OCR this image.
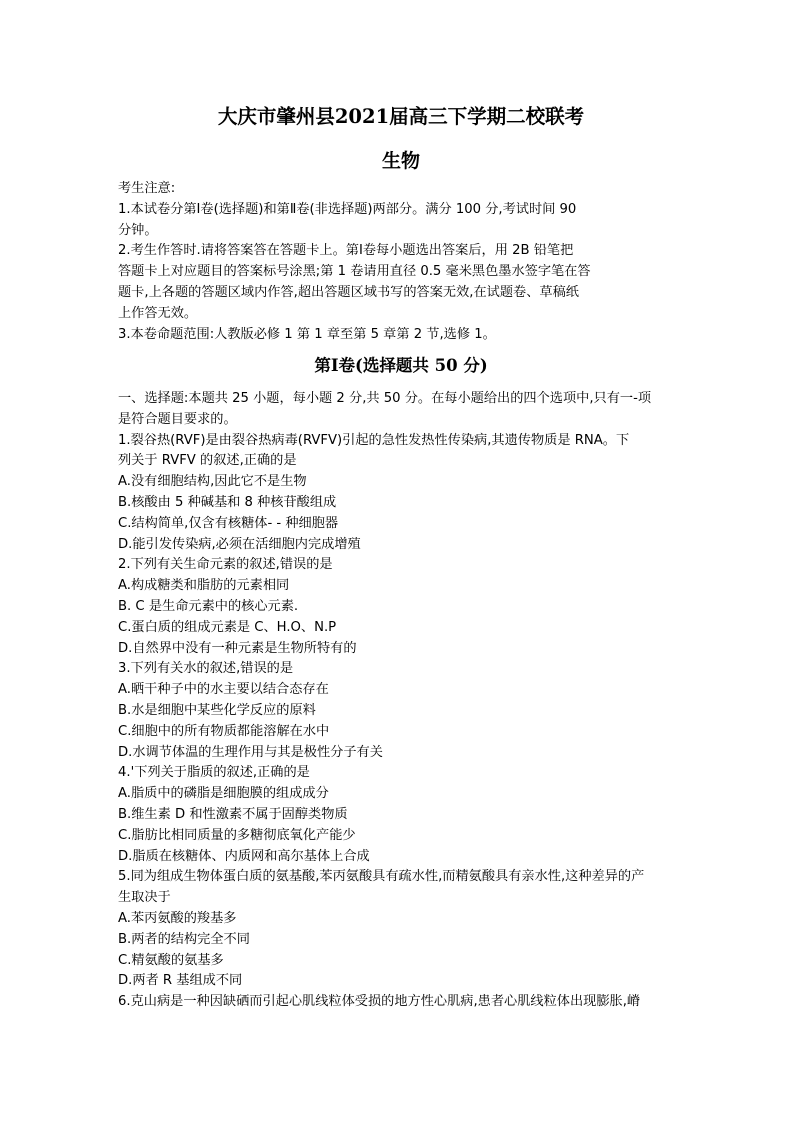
大庆市肇州县2021届高三下学期二校联考
生物
考生注意:
1.本试卷分第Ⅰ卷(选择题)和第Ⅱ卷(非选择题)两部分。满分 100 分,考试时间 90
分钟。
2.考生作答时.请将答案答在答题卡上。第Ⅰ卷每小题选出答案后，用 2B 铅笔把
答题卡上对应题目的答案标号涂黑;第 1 卷请用直径 0.5 毫米黑色墨水签字笔在答
题卡,上各题的答题区域内作答,超出答题区域书写的答案无效,在试题卷、草稿纸
上作答无效。
3.本卷命题范围:人教版必修 1 第 1 章至第 5 章第 2 节,选修 1。
第Ⅰ卷(选择题共 50 分)
一、选择题:本题共 25 小题，每小题 2 分,共 50 分。在每小题给出的四个选项中,只有一-项
是符合题目要求的。
1.裂谷热(RVF)是由裂谷热病毒(RVFV)引起的急性发热性传染病,其遗传物质是 RNA。下
列关于 RVFV 的叙述,正确的是
A.没有细胞结构,因此它不是生物
B.核酸由 5 种碱基和 8 种核苷酸组成
C.结构简单,仅含有核糖体- - 种细胞器
D.能引发传染病,必须在活细胞内完成增殖
2.下列有关生命元素的叙述,错误的是
A.构成糖类和脂肪的元素相同
B. C 是生命元素中的核心元素.
C.蛋白质的组成元素是 C、H.O、N.P
D.自然界中没有一种元素是生物所特有的
3.下列有关水的叙述,错误的是
A.晒干种子中的水主要以结合态存在
B.水是细胞中某些化学反应的原料
C.细胞中的所有物质都能溶解在水中
D.水调节体温的生理作用与其是极性分子有关
4.'下列关于脂质的叙述,正确的是
A.脂质中的磷脂是细胞膜的组成成分
B.维生素 D 和性激素不属于固醇类物质
C.脂肪比相同质量的多糖彻底氧化产能少
D.脂质在核糖体、内质网和高尔基体上合成
5.同为组成生物体蛋白质的氨基酸,苯丙氨酸具有疏水性,而精氨酸具有亲水性,这种差异的产
生取决于
A.苯丙氨酸的羧基多
B.两者的结构完全不同
C.精氨酸的氨基多
D.两者 R 基组成不同
6.克山病是一种因缺硒而引起心肌线粒体受损的地方性心肌病,患者心肌线粒体出现膨胀,嵴
